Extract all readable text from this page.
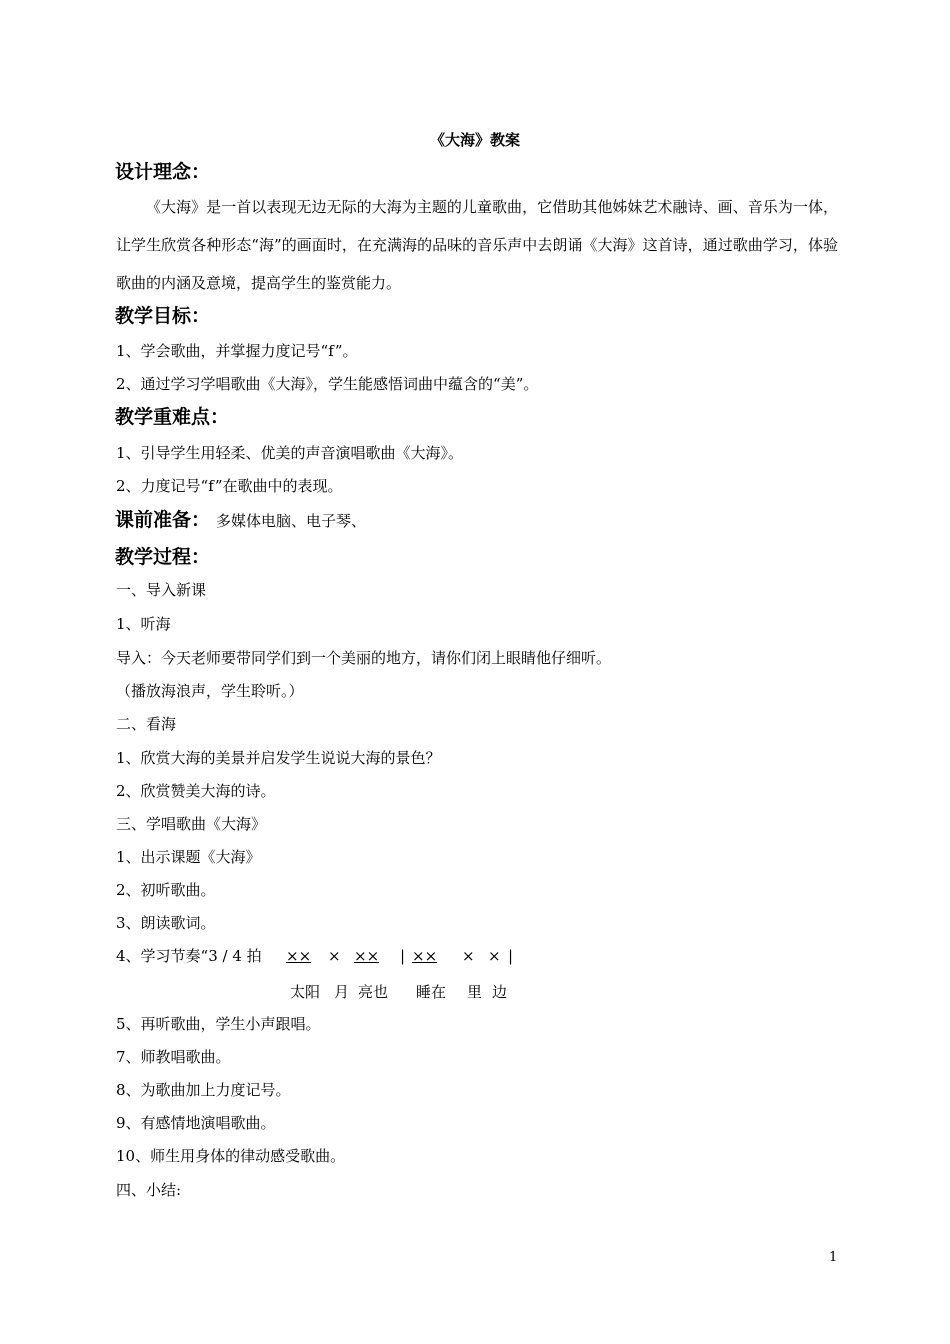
《大海》教案
设计理念：
《大海》是一首以表现无边无际的大海为主题的儿童歌曲，它借助其他姊妹艺术融诗、画、音乐为一体，让学生欣赏各种形态“海”的画面时，在充满海的品味的音乐声中去朗诵《大海》这首诗，通过歌曲学习，体验歌曲的内涵及意境，提高学生的鉴赏能力。
教学目标：
1、学会歌曲，并掌握力度记号“f”。
2、通过学习学唱歌曲《大海》，学生能感悟词曲中蕴含的“美”。
教学重难点：
1、引导学生用轻柔、优美的声音演唱歌曲《大海》。
2、力度记号“f”在歌曲中的表现。
课前准备： 多媒体电脑、电子琴、
教学过程：
一、导入新课
1、听海
导入：今天老师要带同学们到一个美丽的地方，请你们闭上眼睛他仔细听。
（播放海浪声，学生聆听。）
二、看海
1、欣赏大海的美景并启发学生说说大海的景色？
2、欣赏赞美大海的诗。
三、学唱歌曲《大海》
1、出示课题《大海》
2、初听歌曲。
3、朗读歌词。
4、学习节奏“3 / 4 拍 ×× × ×× | ×× × × |
太阳 月 亮也 睡在 里 边
5、再听歌曲，学生小声跟唱。
7、师教唱歌曲。
8、为歌曲加上力度记号。
9、有感情地演唱歌曲。
10、师生用身体的律动感受歌曲。
四、小结:
1
